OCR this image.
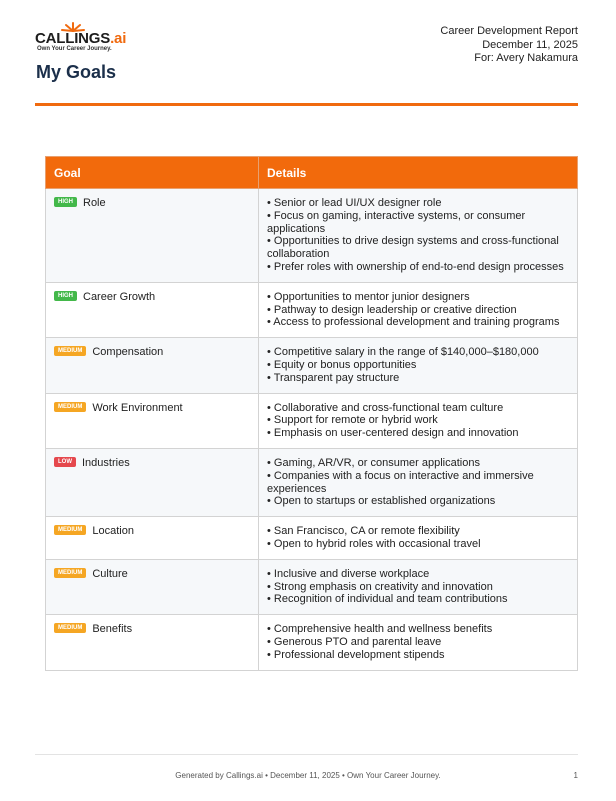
CALLINGS.ai
Own Your Career Journey.
My Goals
Career Development Report
December 11, 2025
For: Avery Nakamura
Goal	Details
HIGH Role	• Senior or lead UI/UX designer role
• Focus on gaming, interactive systems, or consumer applications
• Opportunities to drive design systems and cross-functional collaboration
• Prefer roles with ownership of end-to-end design processes

HIGH Career Growth	• Opportunities to mentor junior designers
• Pathway to design leadership or creative direction
• Access to professional development and training programs

MEDIUM Compensation	• Competitive salary in the range of $140,000–$180,000
• Equity or bonus opportunities
• Transparent pay structure

MEDIUM Work Environment	• Collaborative and cross-functional team culture
• Support for remote or hybrid work
• Emphasis on user-centered design and innovation

LOW Industries	• Gaming, AR/VR, or consumer applications
• Companies with a focus on interactive and immersive experiences
• Open to startups or established organizations

MEDIUM Location	• San Francisco, CA or remote flexibility
• Open to hybrid roles with occasional travel

MEDIUM Culture	• Inclusive and diverse workplace
• Strong emphasis on creativity and innovation
• Recognition of individual and team contributions

MEDIUM Benefits	• Comprehensive health and wellness benefits
• Generous PTO and parental leave
• Professional development stipends
Generated by Callings.ai • December 11, 2025 • Own Your Career Journey.	1
